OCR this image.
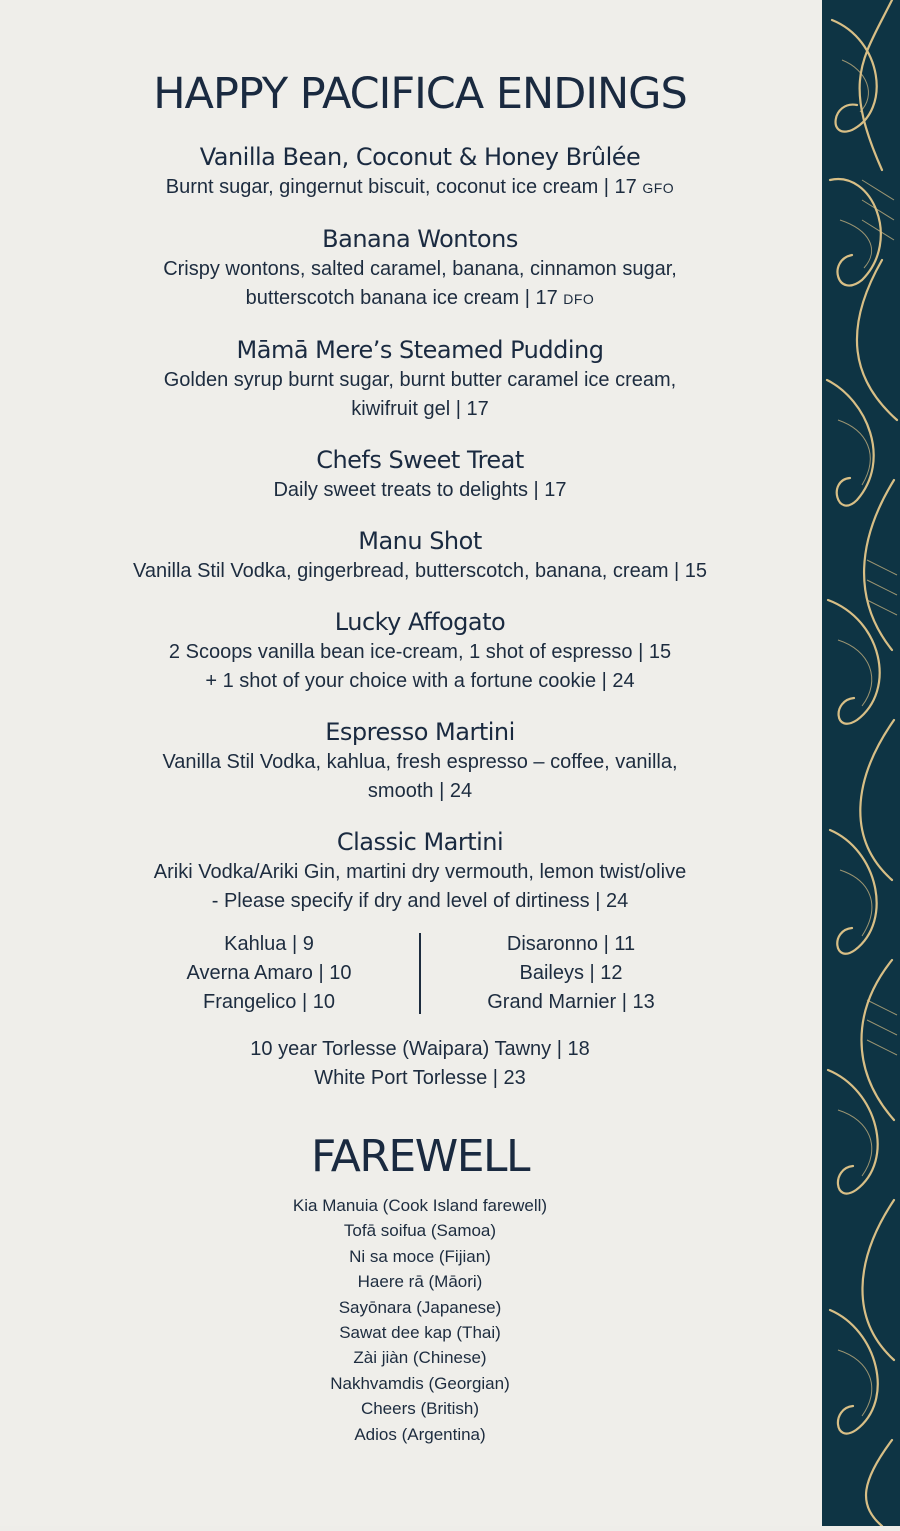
HAPPY PACIFICA ENDINGS
Vanilla Bean, Coconut & Honey Brûlée
Burnt sugar, gingernut biscuit, coconut ice cream | 17 GFO
Banana Wontons
Crispy wontons, salted caramel, banana, cinnamon sugar,
butterscotch banana ice cream | 17 DFO
Māmā Mere’s Steamed Pudding
Golden syrup burnt sugar, burnt butter caramel ice cream,
kiwifruit gel | 17
Chefs Sweet Treat
Daily sweet treats to delights | 17
Manu Shot
Vanilla Stil Vodka, gingerbread, butterscotch, banana, cream | 15
Lucky Affogato
2 Scoops vanilla bean ice-cream, 1 shot of espresso | 15
+ 1 shot of your choice with a fortune cookie | 24
Espresso Martini
Vanilla Stil Vodka, kahlua, fresh espresso – coffee, vanilla,
smooth | 24
Classic Martini
Ariki Vodka/Ariki Gin, martini dry vermouth, lemon twist/olive
- Please specify if dry and level of dirtiness | 24
Kahlua | 9
Averna Amaro | 10
Frangelico | 10
Disaronno | 11
Baileys | 12
Grand Marnier | 13
10 year Torlesse (Waipara) Tawny | 18
White Port Torlesse | 23
FAREWELL
Kia Manuia (Cook Island farewell)
Tofā soifua (Samoa)
Ni sa moce (Fijian)
Haere rā (Māori)
Sayōnara (Japanese)
Sawat dee kap (Thai)
Zài jiàn (Chinese)
Nakhvamdis (Georgian)
Cheers (British)
Adios (Argentina)
